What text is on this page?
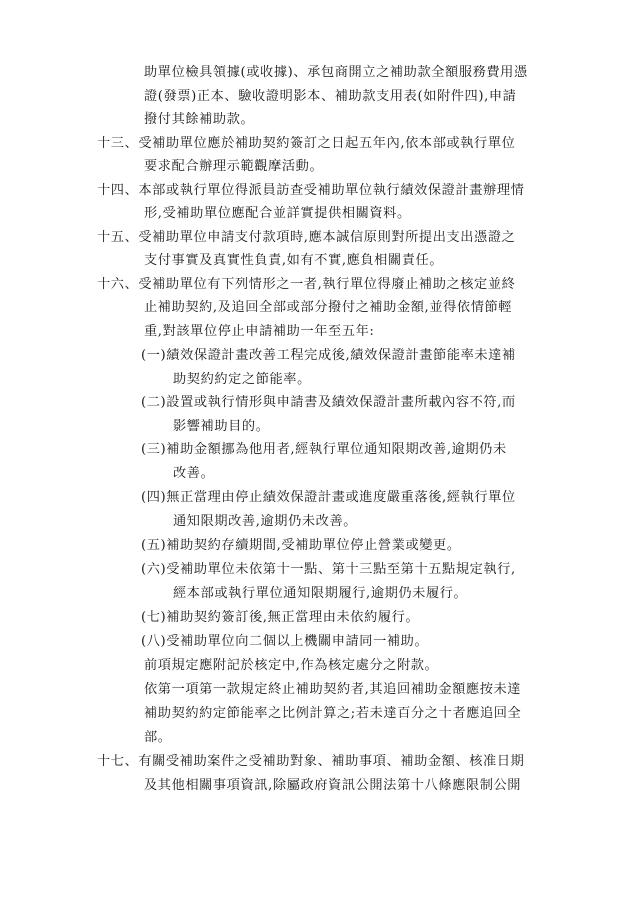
助單位檢具領據(或收據)、承包商開立之補助款全額服務費用憑
證(發票)正本、驗收證明影本、補助款支用表(如附件四),申請
撥付其餘補助款。
十三、受補助單位應於補助契約簽訂之日起五年內,依本部或執行單位
要求配合辦理示範觀摩活動。
十四、本部或執行單位得派員訪查受補助單位執行績效保證計畫辦理情
形,受補助單位應配合並詳實提供相關資料。
十五、受補助單位申請支付款項時,應本誠信原則對所提出支出憑證之
支付事實及真實性負責,如有不實,應負相關責任。
十六、受補助單位有下列情形之一者,執行單位得廢止補助之核定並終
止補助契約,及追回全部或部分撥付之補助金額,並得依情節輕
重,對該單位停止申請補助一年至五年:
(一)績效保證計畫改善工程完成後,績效保證計畫節能率未達補
助契約約定之節能率。
(二)設置或執行情形與申請書及績效保證計畫所載內容不符,而
影響補助目的。
(三)補助金額挪為他用者,經執行單位通知限期改善,逾期仍未
改善。
(四)無正當理由停止績效保證計畫或進度嚴重落後,經執行單位
通知限期改善,逾期仍未改善。
(五)補助契約存續期間,受補助單位停止營業或變更。
(六)受補助單位未依第十一點、第十三點至第十五點規定執行,
經本部或執行單位通知限期履行,逾期仍未履行。
(七)補助契約簽訂後,無正當理由未依約履行。
(八)受補助單位向二個以上機關申請同一補助。
前項規定應附記於核定中,作為核定處分之附款。
依第一項第一款規定終止補助契約者,其追回補助金額應按未達
補助契約約定節能率之比例計算之;若未達百分之十者應追回全
部。
十七、有關受補助案件之受補助對象、補助事項、補助金額、核准日期
及其他相關事項資訊,除屬政府資訊公開法第十八條應限制公開
